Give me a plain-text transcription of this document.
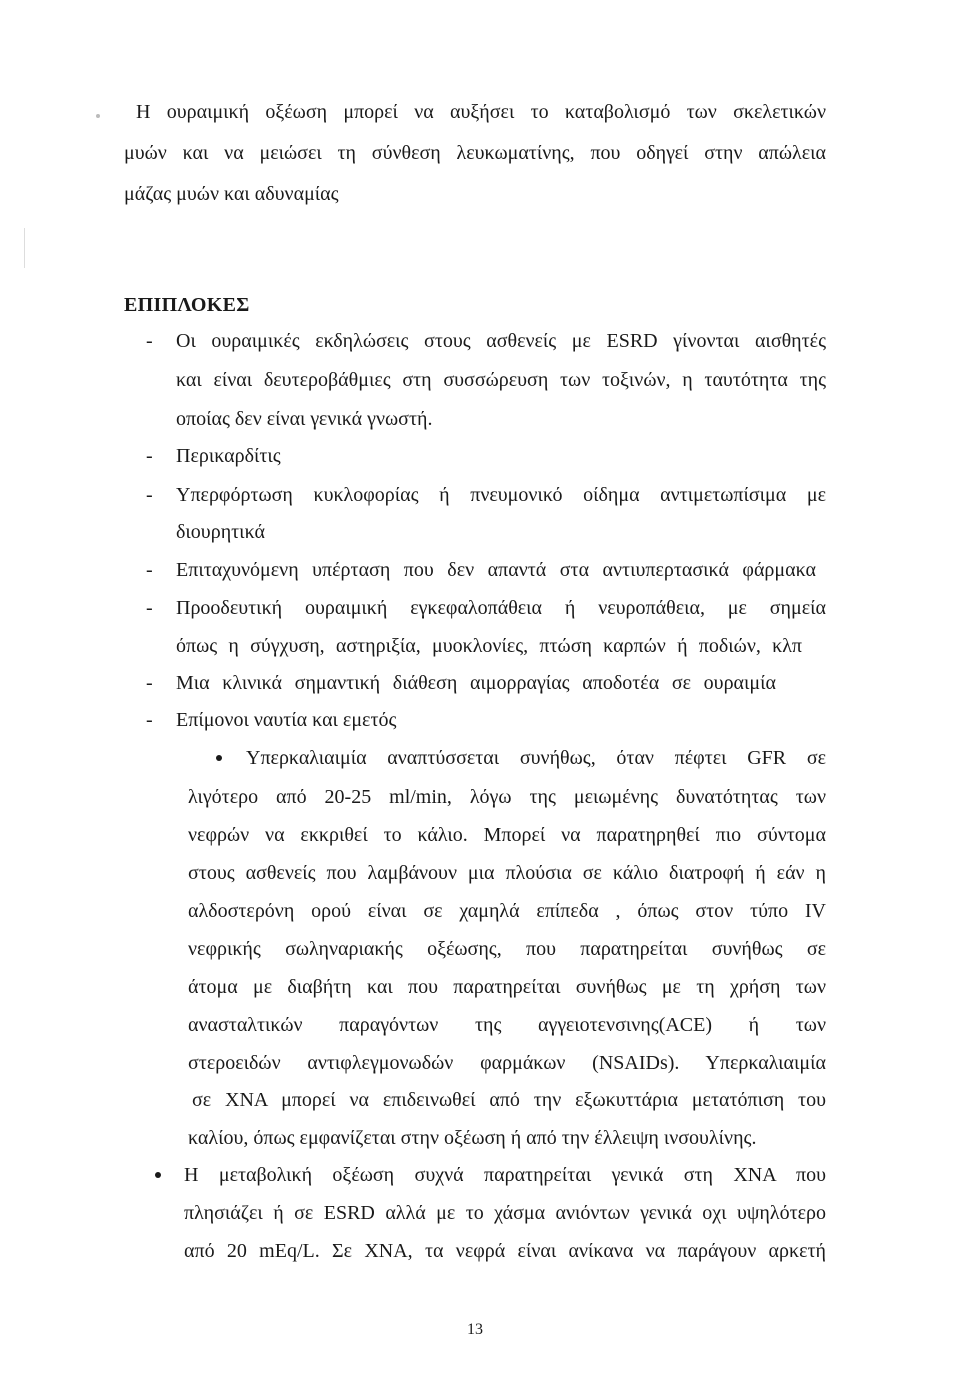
Η ουραιμική οξέωση μπορεί να αυξήσει το καταβολισμό των σκελετικών
μυών και να μειώσει τη σύνθεση λευκωματίνης, που οδηγεί στην απώλεια
μάζας μυών και αδυναμίας
ΕΠΙΠΛΟΚΕΣ
- Οι ουραιμικές εκδηλώσεις στους ασθενείς με ESRD γίνονται αισθητές
και είναι δευτεροβάθμιες στη συσσώρευση των τοξινών, η ταυτότητα της
οποίας δεν είναι γενικά γνωστή.
- Περικαρδίτις
- Υπερφόρτωση κυκλοφορίας ή πνευμονικό οίδημα αντιμετωπίσιμα με
διουρητικά
- Επιταχυνόμενη υπέρταση που δεν απαντά στα αντιυπερτασικά φάρμακα
- Προοδευτική ουραιμική εγκεφαλοπάθεια ή νευροπάθεια, με σημεία
όπως η σύγχυση, αστηριξία, μυοκλονίες, πτώση καρπών ή ποδιών, κλπ
- Μια κλινικά σημαντική διάθεση αιμορραγίας αποδοτέα σε ουραιμία
- Επίμονοι ναυτία και εμετός
Υπερκαλιαιμία αναπτύσσεται συνήθως, όταν πέφτει GFR σε
λιγότερο από 20-25 ml/min, λόγω της μειωμένης δυνατότητας των
νεφρών να εκκριθεί το κάλιο. Μπορεί να παρατηρηθεί πιο σύντομα
στους ασθενείς που λαμβάνουν μια πλούσια σε κάλιο διατροφή ή εάν η
αλδοστερόνη ορού είναι σε χαμηλά επίπεδα , όπως στον τύπο IV
νεφρικής σωληναριακής οξέωσης, που παρατηρείται συνήθως σε
άτομα με διαβήτη και που παρατηρείται συνήθως με τη χρήση των
ανασταλτικών παραγόντων της αγγειοτενσινης(ACE) ή των
στεροειδών αντιφλεγμονωδών φαρμάκων (NSAIDs). Υπερκαλιαιμία
σε XNA μπορεί να επιδεινωθεί από την εξωκυττάρια μετατόπιση του
καλίου, όπως εμφανίζεται στην οξέωση ή από την έλλειψη ινσουλίνης.
Η μεταβολική οξέωση συχνά παρατηρείται γενικά στη XNA που
πλησιάζει ή σε ESRD αλλά με το χάσμα ανιόντων γενικά οχι υψηλότερο
από 20 mEq/L. Σε XNA, τα νεφρά είναι ανίκανα να παράγουν αρκετή
13
